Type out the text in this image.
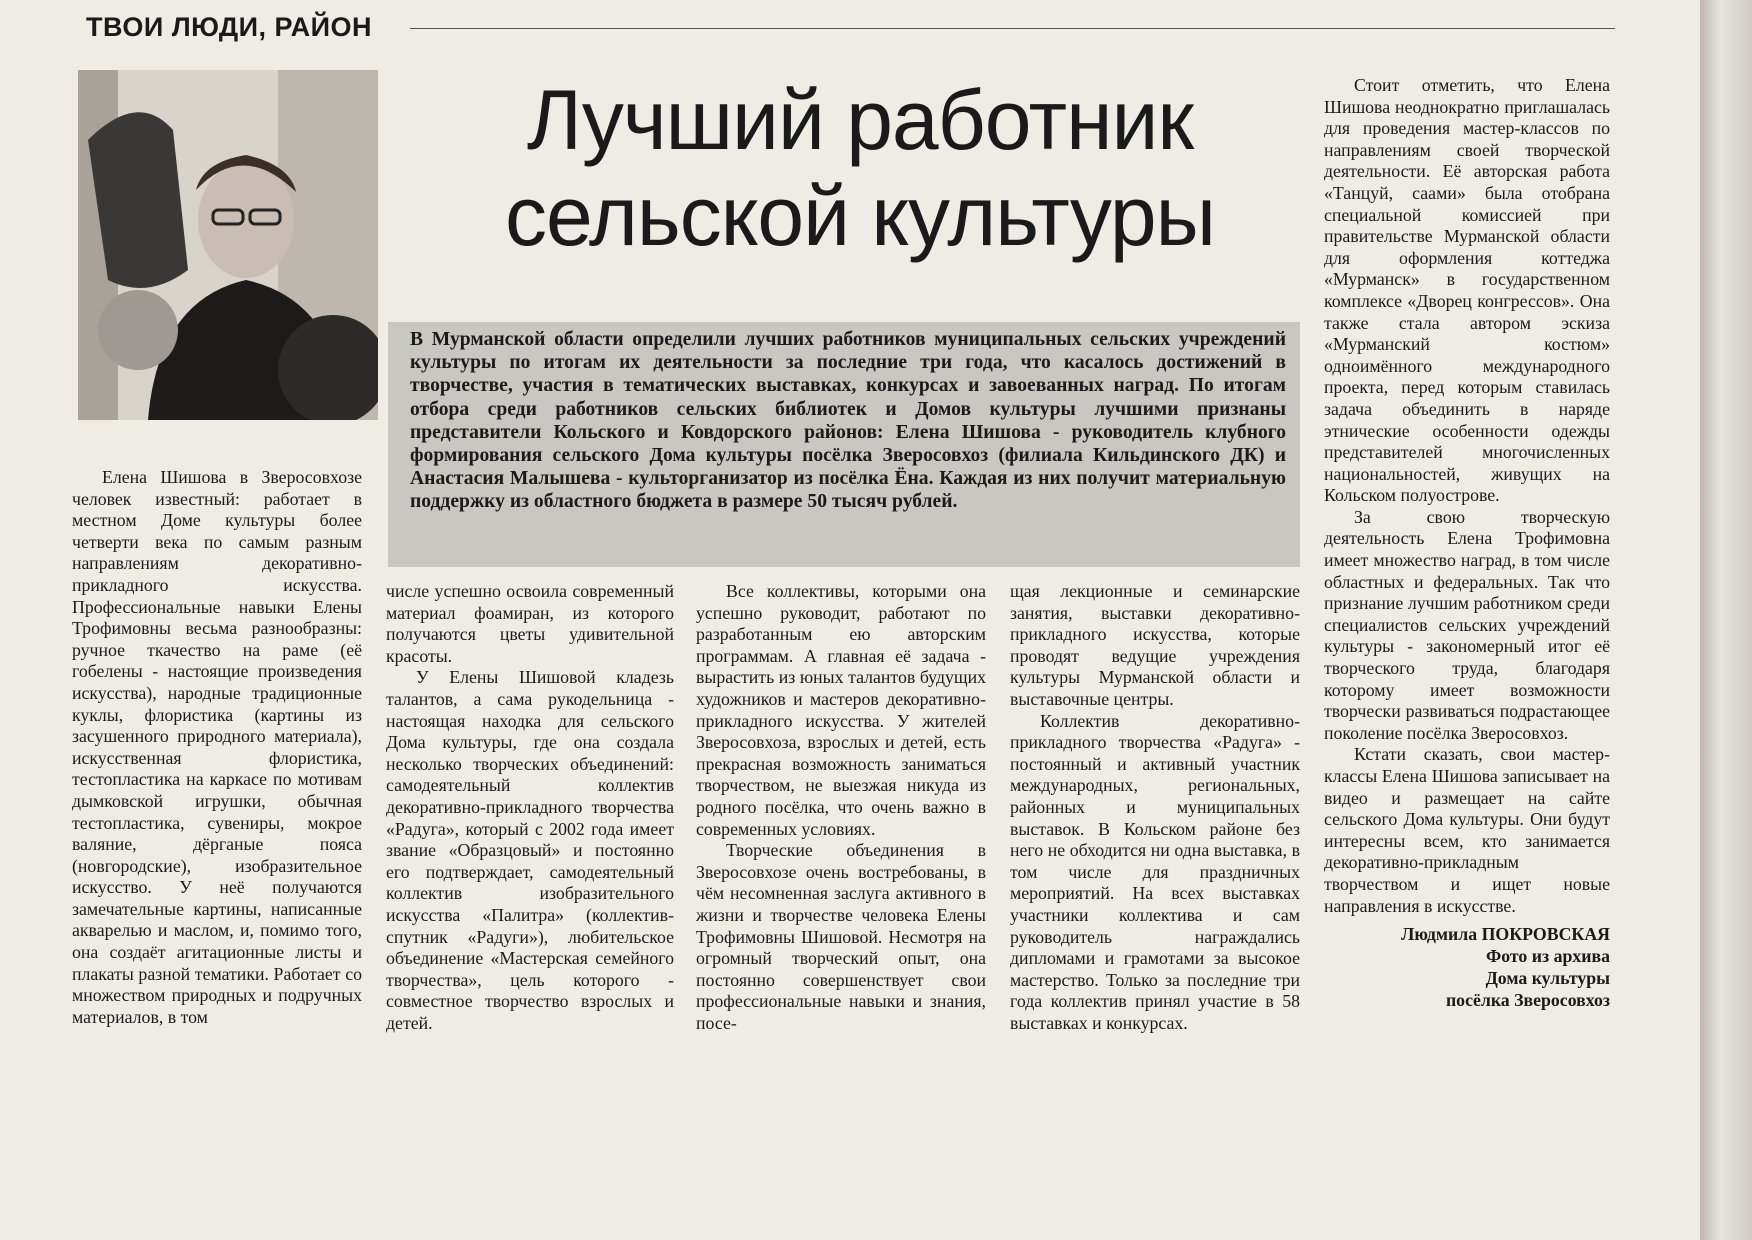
ТВОИ ЛЮДИ, РАЙОН
Лучший работник
сельской культуры

В Мурманской области определили лучших работников муниципальных сельских учреждений культуры по итогам их деятельности за последние три года, что касалось достижений в творчестве, участия в тематических выставках, конкурсах и завоеванных наград. По итогам отбора среди работников сельских библиотек и Домов культуры лучшими признаны представители Кольского и Ковдорского районов: Елена Шишова - руководитель клубного формирования сельского Дома культуры посёлка Зверосовхоз (филиала Кильдинского ДК) и Анастасия Малышева - культорганизатор из посёлка Ёна. Каждая из них получит материальную поддержку из областного бюджета в размере 50 тысяч рублей.

Елена Шишова в Зверосовхозе человек известный: работает в местном Доме культуры более четверти века по самым разным направлениям декоративно-прикладного искусства. Профессиональные навыки Елены Трофимовны весьма разнообразны: ручное ткачество на раме (её гобелены - настоящие произведения искусства), народные традиционные куклы, флористика (картины из засушенного природного материала), искусственная флористика, тестопластика на каркасе по мотивам дымковской игрушки, обычная тестопластика, сувениры, мокрое валяние, дёрганые пояса (новгородские), изобразительное искусство. У неё получаются замечательные картины, написанные акварелью и маслом, и, помимо того, она создаёт агитационные листы и плакаты разной тематики. Работает со множеством природных и подручных материалов, в том

числе успешно освоила современный материал фоамиран, из которого получаются цветы удивительной красоты.

У Елены Шишовой кладезь талантов, а сама рукодельница - настоящая находка для сельского Дома культуры, где она создала несколько творческих объединений: самодеятельный коллектив декоративно-прикладного творчества «Радуга», который с 2002 года имеет звание «Образцовый» и постоянно его подтверждает, самодеятельный коллектив изобразительного искусства «Палитра» (коллектив-спутник «Радуги»), любительское объединение «Мастерская семейного творчества», цель которого - совместное творчество взрослых и детей.

Все коллективы, которыми она успешно руководит, работают по разработанным ею авторским программам. А главная её задача - вырастить из юных талантов будущих художников и мастеров декоративно-прикладного искусства. У жителей Зверосовхоза, взрослых и детей, есть прекрасная возможность заниматься творчеством, не выезжая никуда из родного посёлка, что очень важно в современных условиях.

Творческие объединения в Зверосовхозе очень востребованы, в чём несомненная заслуга активного в жизни и творчестве человека Елены Трофимовны Шишовой. Несмотря на огромный творческий опыт, она постоянно совершенствует свои профессиональные навыки и знания, посе-

щая лекционные и семинарские занятия, выставки декоративно-прикладного искусства, которые проводят ведущие учреждения культуры Мурманской области и выставочные центры.

Коллектив декоративно-прикладного творчества «Радуга» - постоянный и активный участник международных, региональных, районных и муниципальных выставок. В Кольском районе без него не обходится ни одна выставка, в том числе для праздничных мероприятий. На всех выставках участники коллектива и сам руководитель награждались дипломами и грамотами за высокое мастерство. Только за последние три года коллектив принял участие в 58 выставках и конкурсах.

Стоит отметить, что Елена Шишова неоднократно приглашалась для проведения мастер-классов по направлениям своей творческой деятельности. Её авторская работа «Танцуй, саами» была отобрана специальной комиссией при правительстве Мурманской области для оформления коттеджа «Мурманск» в государственном комплексе «Дворец конгрессов». Она также стала автором эскиза «Мурманский костюм» одноимённого международного проекта, перед которым ставилась задача объединить в наряде этнические особенности одежды представителей многочисленных национальностей, живущих на Кольском полуострове.

За свою творческую деятельность Елена Трофимовна имеет множество наград, в том числе областных и федеральных. Так что признание лучшим работником среди специалистов сельских учреждений культуры - закономерный итог её творческого труда, благодаря которому имеет возможности творчески развиваться подрастающее поколение посёлка Зверосовхоз.

Кстати сказать, свои мастер-классы Елена Шишова записывает на видео и размещает на сайте сельского Дома культуры. Они будут интересны всем, кто занимается декоративно-прикладным творчеством и ищет новые направления в искусстве.

Людмила ПОКРОВСКАЯ
Фото из архива
Дома культуры
посёлка Зверосовхоз
